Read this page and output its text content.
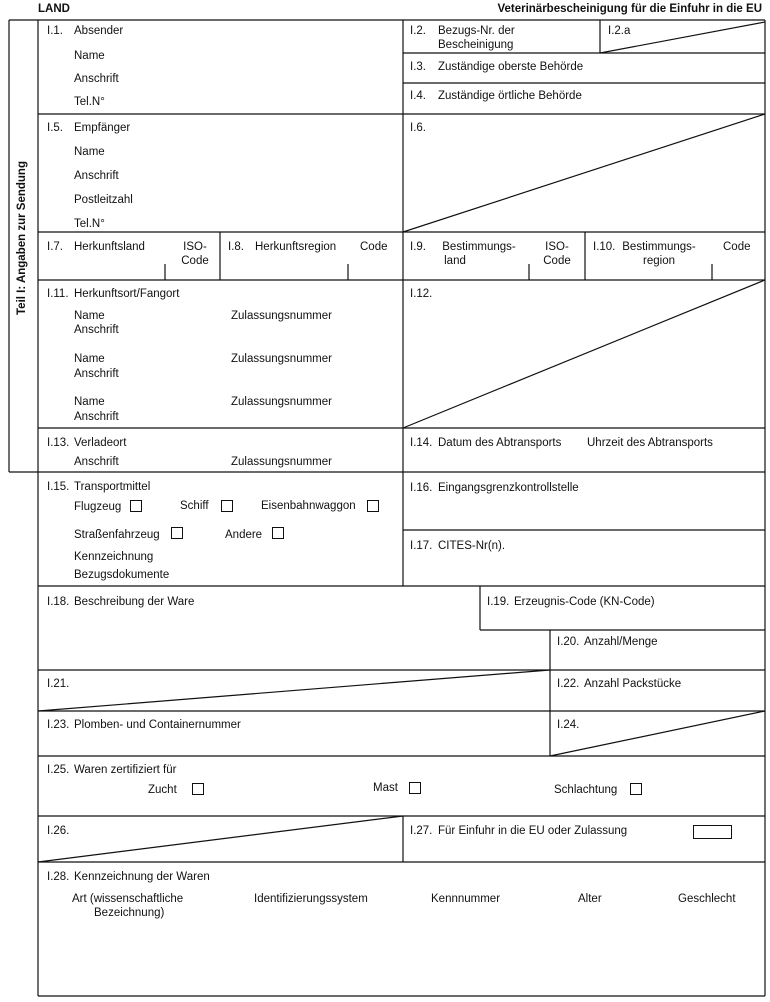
LAND	Veterinärbescheinigung für die Einfuhr in die EU
Teil I: Angaben zur Sendung
I.1. Absender
Name
Anschrift
Tel.N°
I.2. Bezugs-Nr. der
Bescheinigung
I.2.a
I.3. Zuständige oberste Behörde
I.4. Zuständige örtliche Behörde
I.5. Empfänger
Name
Anschrift
Postleitzahl
Tel.N°
I.6.
I.7. Herkunftsland	ISO-
Code
I.8. Herkunftsregion Code I.9.	Bestimmungs-
land
ISO-
Code
I.10. Bestimmungs-
region
Code
I.11. Herkunftsort/Fangort
Name	Zulassungsnummer
Anschrift
Name	Zulassungsnummer
Anschrift
Name	Zulassungsnummer
Anschrift
I.12.
I.13. Verladeort
Anschrift	Zulassungsnummer
I.14. Datum des Abtransports Uhrzeit des Abtransports
I.15. Transportmittel
Flugzeug	Schiff	Eisenbahnwaggon
Straßenfahrzeug	Andere
Kennzeichnung
Bezugsdokumente
I.16. Eingangsgrenzkontrollstelle
I.17. CITES-Nr(n).
I.18. Beschreibung der Ware	I.19. Erzeugnis-Code (KN-Code)
I.20. Anzahl/Menge
I.21.	I.22. Anzahl Packstücke
I.23. Plomben- und Containernummer	I.24.
I.25. Waren zertifiziert für
Zucht	Mast	Schlachtung
I.26.	I.27. Für Einfuhr in die EU oder Zulassung
I.28. Kennzeichnung der Waren
Art (wissenschaftliche
Bezeichnung)
Identifizierungssystem	Kennnummer	Alter	Geschlecht
